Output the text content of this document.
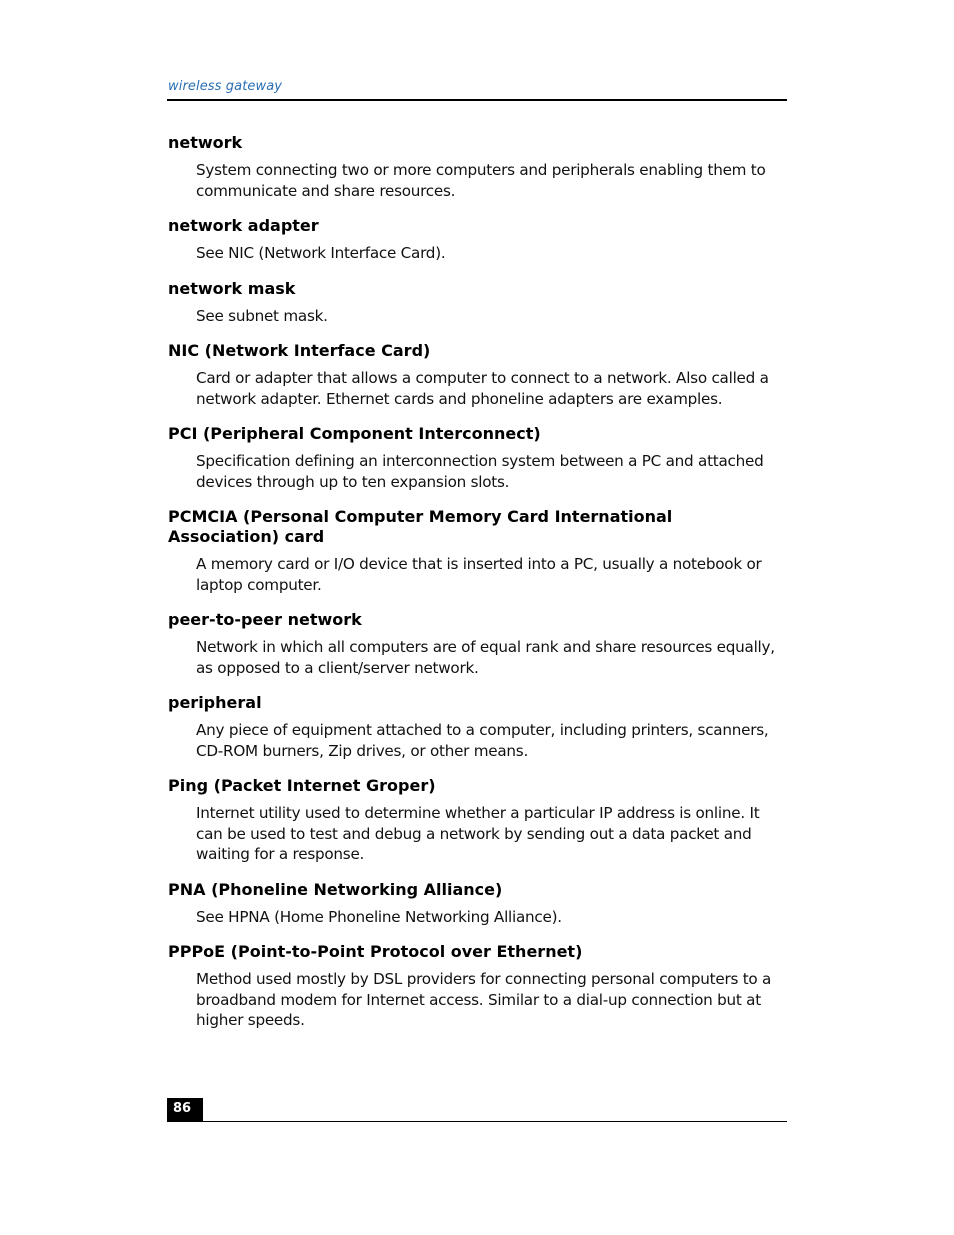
wireless gateway
network
System connecting two or more computers and peripherals enabling them to communicate and share resources.
network adapter
See NIC (Network Interface Card).
network mask
See subnet mask.
NIC (Network Interface Card)
Card or adapter that allows a computer to connect to a network. Also called a network adapter. Ethernet cards and phoneline adapters are examples.
PCI (Peripheral Component Interconnect)
Specification defining an interconnection system between a PC and attached devices through up to ten expansion slots.
PCMCIA (Personal Computer Memory Card International Association) card
A memory card or I/O device that is inserted into a PC, usually a notebook or laptop computer.
peer-to-peer network
Network in which all computers are of equal rank and share resources equally, as opposed to a client/server network.
peripheral
Any piece of equipment attached to a computer, including printers, scanners, CD-ROM burners, Zip drives, or other means.
Ping (Packet Internet Groper)
Internet utility used to determine whether a particular IP address is online. It can be used to test and debug a network by sending out a data packet and waiting for a response.
PNA (Phoneline Networking Alliance)
See HPNA (Home Phoneline Networking Alliance).
PPPoE (Point-to-Point Protocol over Ethernet)
Method used mostly by DSL providers for connecting personal computers to a broadband modem for Internet access. Similar to a dial-up connection but at higher speeds.
86
